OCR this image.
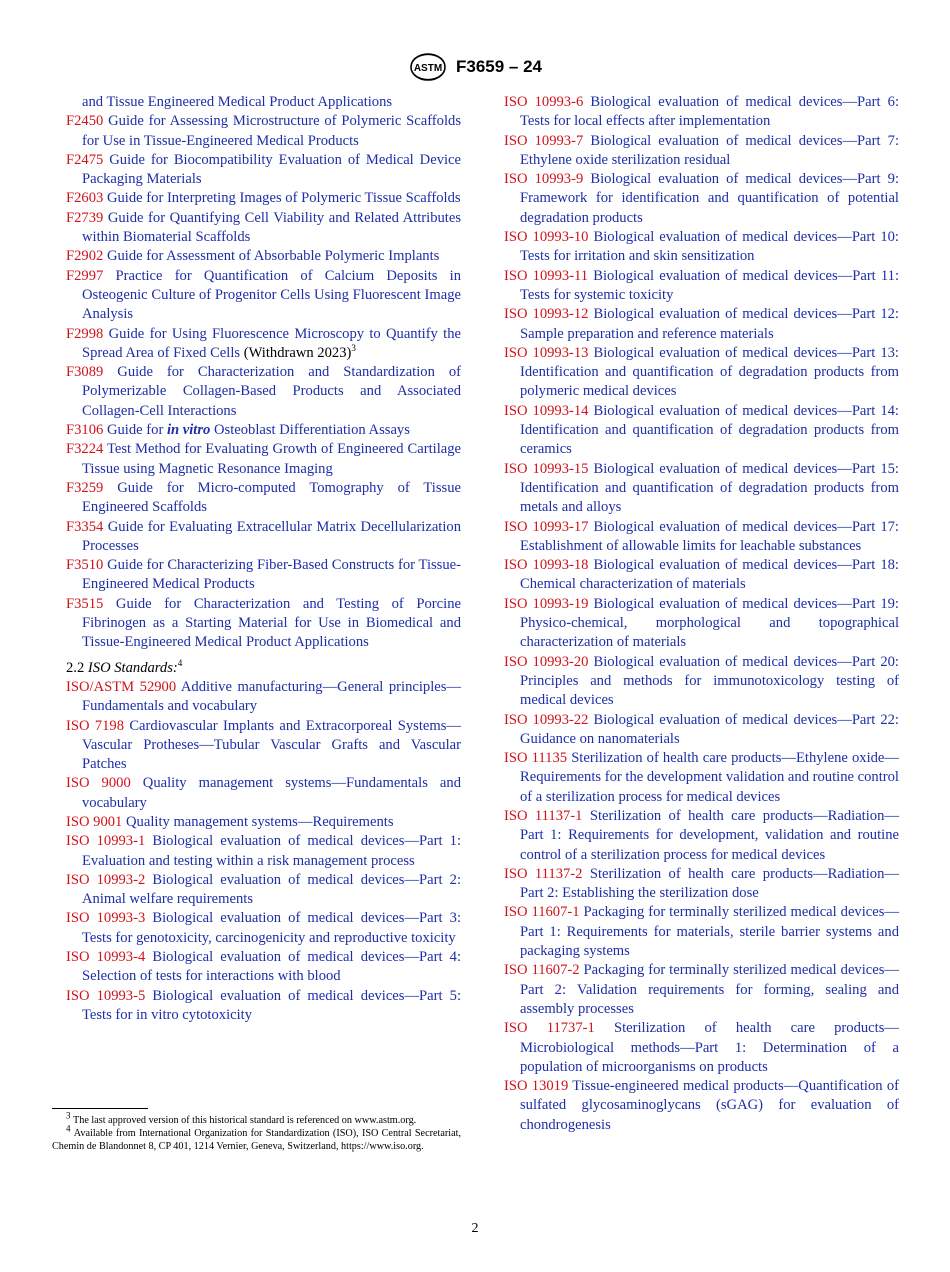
ASTM F3659 – 24

and Tissue Engineered Medical Product Applications

F2450 Guide for Assessing Microstructure of Polymeric Scaffolds for Use in Tissue-Engineered Medical Products

F2475 Guide for Biocompatibility Evaluation of Medical Device Packaging Materials

F2603 Guide for Interpreting Images of Polymeric Tissue Scaffolds

F2739 Guide for Quantifying Cell Viability and Related Attributes within Biomaterial Scaffolds

F2902 Guide for Assessment of Absorbable Polymeric Implants

F2997 Practice for Quantification of Calcium Deposits in Osteogenic Culture of Progenitor Cells Using Fluorescent Image Analysis

F2998 Guide for Using Fluorescence Microscopy to Quantify the Spread Area of Fixed Cells (Withdrawn 2023)$^3$

F3089 Guide for Characterization and Standardization of Polymerizable Collagen-Based Products and Associated Collagen-Cell Interactions

F3106 Guide for in vitro Osteoblast Differentiation Assays

F3224 Test Method for Evaluating Growth of Engineered Cartilage Tissue using Magnetic Resonance Imaging

F3259 Guide for Micro-computed Tomography of Tissue Engineered Scaffolds

F3354 Guide for Evaluating Extracellular Matrix Decellularization Processes

F3510 Guide for Characterizing Fiber-Based Constructs for Tissue-Engineered Medical Products

F3515 Guide for Characterization and Testing of Porcine Fibrinogen as a Starting Material for Use in Biomedical and Tissue-Engineered Medical Product Applications

2.2 ISO Standards:$^4$

ISO/ASTM 52900 Additive manufacturing—General principles—Fundamentals and vocabulary

ISO 7198 Cardiovascular Implants and Extracorporeal Systems—Vascular Protheses—Tubular Vascular Grafts and Vascular Patches

ISO 9000 Quality management systems—Fundamentals and vocabulary

ISO 9001 Quality management systems—Requirements

ISO 10993-1 Biological evaluation of medical devices—Part 1: Evaluation and testing within a risk management process

ISO 10993-2 Biological evaluation of medical devices—Part 2: Animal welfare requirements

ISO 10993-3 Biological evaluation of medical devices—Part 3: Tests for genotoxicity, carcinogenicity and reproductive toxicity

ISO 10993-4 Biological evaluation of medical devices—Part 4: Selection of tests for interactions with blood

ISO 10993-5 Biological evaluation of medical devices—Part 5: Tests for in vitro cytotoxicity

ISO 10993-6 Biological evaluation of medical devices—Part 6: Tests for local effects after implementation

ISO 10993-7 Biological evaluation of medical devices—Part 7: Ethylene oxide sterilization residual

ISO 10993-9 Biological evaluation of medical devices—Part 9: Framework for identification and quantification of potential degradation products

ISO 10993-10 Biological evaluation of medical devices—Part 10: Tests for irritation and skin sensitization

ISO 10993-11 Biological evaluation of medical devices—Part 11: Tests for systemic toxicity

ISO 10993-12 Biological evaluation of medical devices—Part 12: Sample preparation and reference materials

ISO 10993-13 Biological evaluation of medical devices—Part 13: Identification and quantification of degradation products from polymeric medical devices

ISO 10993-14 Biological evaluation of medical devices—Part 14: Identification and quantification of degradation products from ceramics

ISO 10993-15 Biological evaluation of medical devices—Part 15: Identification and quantification of degradation products from metals and alloys

ISO 10993-17 Biological evaluation of medical devices—Part 17: Establishment of allowable limits for leachable substances

ISO 10993-18 Biological evaluation of medical devices—Part 18: Chemical characterization of materials

ISO 10993-19 Biological evaluation of medical devices—Part 19: Physico-chemical, morphological and topographical characterization of materials

ISO 10993-20 Biological evaluation of medical devices—Part 20: Principles and methods for immunotoxicology testing of medical devices

ISO 10993-22 Biological evaluation of medical devices—Part 22: Guidance on nanomaterials

ISO 11135 Sterilization of health care products—Ethylene oxide—Requirements for the development validation and routine control of a sterilization process for medical devices

ISO 11137-1 Sterilization of health care products—Radiation—Part 1: Requirements for development, validation and routine control of a sterilization process for medical devices

ISO 11137-2 Sterilization of health care products—Radiation—Part 2: Establishing the sterilization dose

ISO 11607-1 Packaging for terminally sterilized medical devices—Part 1: Requirements for materials, sterile barrier systems and packaging systems

ISO 11607-2 Packaging for terminally sterilized medical devices—Part 2: Validation requirements for forming, sealing and assembly processes

ISO 11737-1 Sterilization of health care products—Microbiological methods—Part 1: Determination of a population of microorganisms on products

ISO 13019 Tissue-engineered medical products—Quantification of sulfated glycosaminoglycans (sGAG) for evaluation of chondrogenesis

$^3$ The last approved version of this historical standard is referenced on www.astm.org.

$^4$ Available from International Organization for Standardization (ISO), ISO Central Secretariat, Chemin de Blandonnet 8, CP 401, 1214 Vernier, Geneva, Switzerland, https://www.iso.org.

2
